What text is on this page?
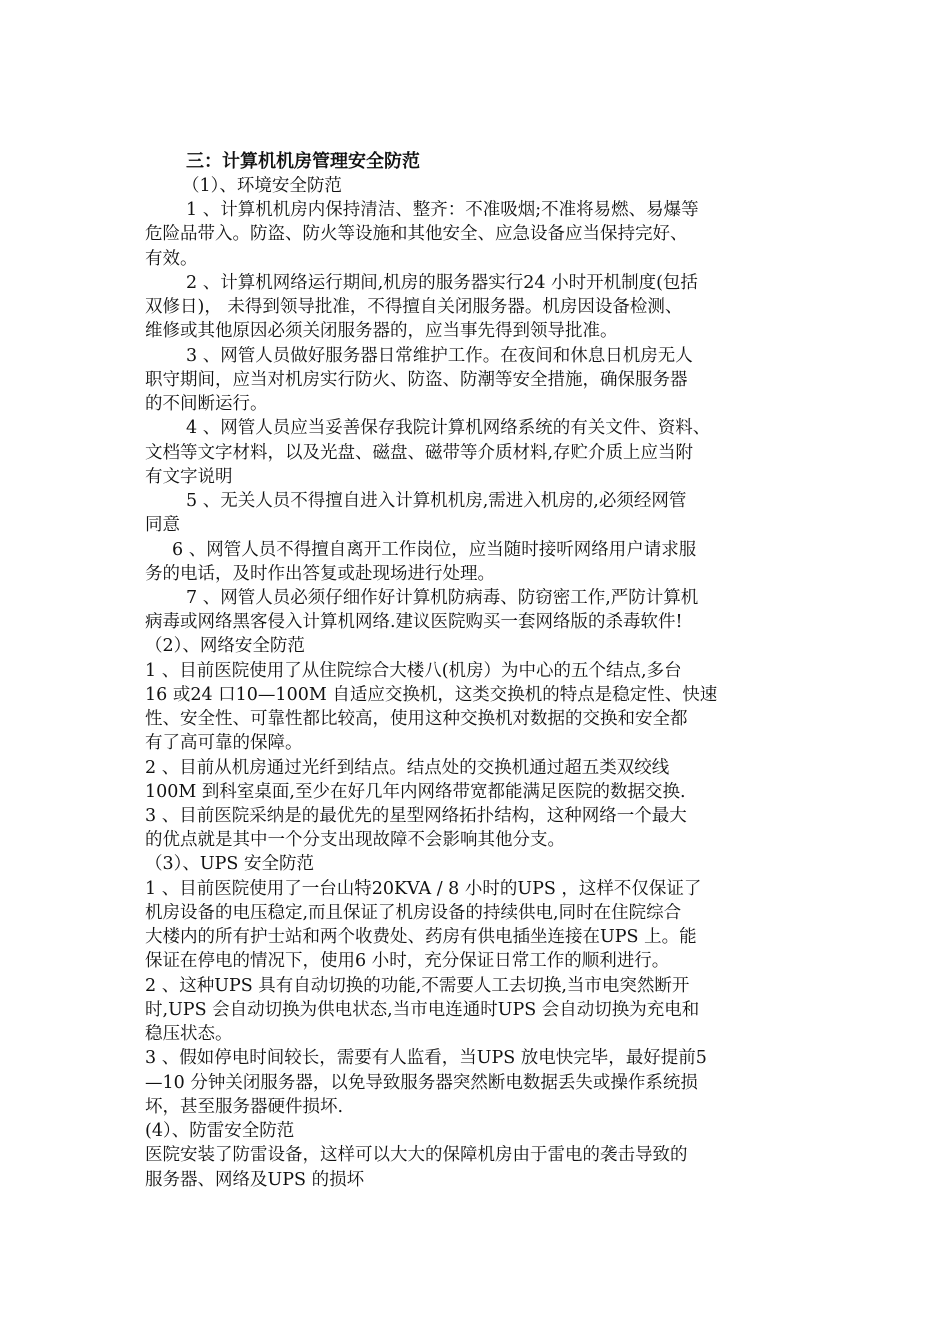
三：计算机机房管理安全防范
（1）、环境安全防范
1 、计算机机房内保持清洁、整齐：不准吸烟;不准将易燃、易爆等
危险品带入。防盗、防火等设施和其他安全、应急设备应当保持完好、
有效。
2 、计算机网络运行期间,机房的服务器实行24 小时开机制度(包括
双修日)， 未得到领导批准，不得擅自关闭服务器。机房因设备检测、
维修或其他原因必须关闭服务器的，应当事先得到领导批准。
3 、网管人员做好服务器日常维护工作。在夜间和休息日机房无人
职守期间，应当对机房实行防火、防盗、防潮等安全措施，确保服务器
的不间断运行。
4 、网管人员应当妥善保存我院计算机网络系统的有关文件、资料、
文档等文字材料，以及光盘、磁盘、磁带等介质材料,存贮介质上应当附
有文字说明
5 、无关人员不得擅自进入计算机机房,需进入机房的,必须经网管
同意
6 、网管人员不得擅自离开工作岗位，应当随时接听网络用户请求服
务的电话，及时作出答复或赴现场进行处理。
7 、网管人员必须仔细作好计算机防病毒、防窃密工作,严防计算机
病毒或网络黑客侵入计算机网络.建议医院购买一套网络版的杀毒软件!
（2）、网络安全防范
1 、目前医院使用了从住院综合大楼八(机房）为中心的五个结点,多台
16 或24 口10—100M 自适应交换机，这类交换机的特点是稳定性、快速
性、安全性、可靠性都比较高，使用这种交换机对数据的交换和安全都
有了高可靠的保障。
2 、目前从机房通过光纤到结点。结点处的交换机通过超五类双绞线
100M 到科室桌面,至少在好几年内网络带宽都能满足医院的数据交换.
3 、目前医院采纳是的最优先的星型网络拓扑结构，这种网络一个最大
的优点就是其中一个分支出现故障不会影响其他分支。
（3）、UPS 安全防范
1 、目前医院使用了一台山特20KVA / 8 小时的UPS ，这样不仅保证了
机房设备的电压稳定,而且保证了机房设备的持续供电,同时在住院综合
大楼内的所有护士站和两个收费处、药房有供电插坐连接在UPS 上。能
保证在停电的情况下，使用6 小时，充分保证日常工作的顺利进行。
2 、这种UPS 具有自动切换的功能,不需要人工去切换,当市电突然断开
时,UPS 会自动切换为供电状态,当市电连通时UPS 会自动切换为充电和
稳压状态。
3 、假如停电时间较长，需要有人监看，当UPS 放电快完毕，最好提前5
—10 分钟关闭服务器，以免导致服务器突然断电数据丢失或操作系统损
坏，甚至服务器硬件损坏.
(4）、防雷安全防范
医院安装了防雷设备，这样可以大大的保障机房由于雷电的袭击导致的
服务器、网络及UPS 的损坏
